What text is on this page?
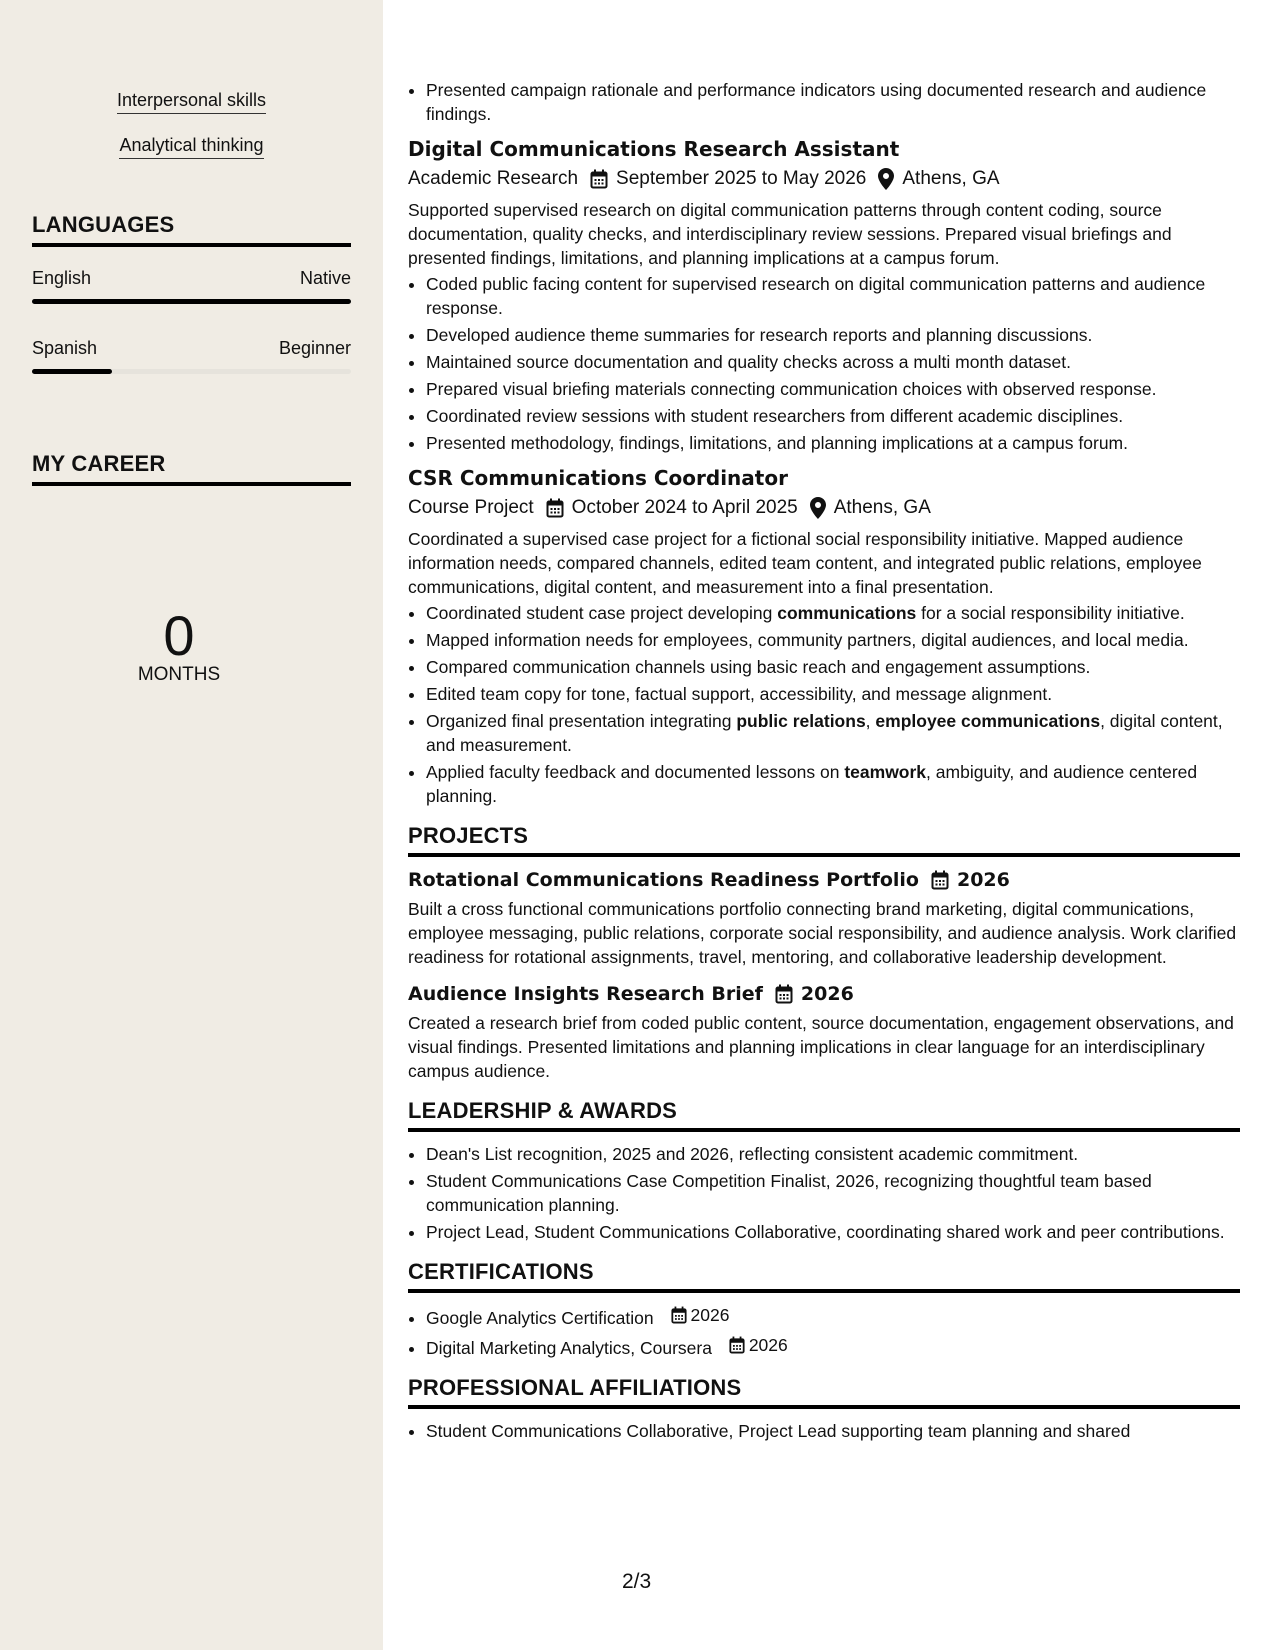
Interpersonal skills
Analytical thinking
LANGUAGES
English	Native
Spanish	Beginner
MY CAREER
0
MONTHS
• Presented campaign rationale and performance indicators using documented research and audience findings.
Digital Communications Research Assistant
Academic Research September 2025 to May 2026 Athens, GA
Supported supervised research on digital communication patterns through content coding, source documentation, quality checks, and interdisciplinary review sessions. Prepared visual briefings and presented findings, limitations, and planning implications at a campus forum.
• Coded public facing content for supervised research on digital communication patterns and audience response.
• Developed audience theme summaries for research reports and planning discussions.
• Maintained source documentation and quality checks across a multi month dataset.
• Prepared visual briefing materials connecting communication choices with observed response.
• Coordinated review sessions with student researchers from different academic disciplines.
• Presented methodology, findings, limitations, and planning implications at a campus forum.
CSR Communications Coordinator
Course Project October 2024 to April 2025 Athens, GA
Coordinated a supervised case project for a fictional social responsibility initiative. Mapped audience information needs, compared channels, edited team content, and integrated public relations, employee communications, digital content, and measurement into a final presentation.
• Coordinated student case project developing communications for a social responsibility initiative.
• Mapped information needs for employees, community partners, digital audiences, and local media.
• Compared communication channels using basic reach and engagement assumptions.
• Edited team copy for tone, factual support, accessibility, and message alignment.
• Organized final presentation integrating public relations, employee communications, digital content, and measurement.
• Applied faculty feedback and documented lessons on teamwork, ambiguity, and audience centered planning.
PROJECTS
Rotational Communications Readiness Portfolio 2026
Built a cross functional communications portfolio connecting brand marketing, digital communications, employee messaging, public relations, corporate social responsibility, and audience analysis. Work clarified readiness for rotational assignments, travel, mentoring, and collaborative leadership development.
Audience Insights Research Brief 2026
Created a research brief from coded public content, source documentation, engagement observations, and visual findings. Presented limitations and planning implications in clear language for an interdisciplinary campus audience.
LEADERSHIP & AWARDS
• Dean's List recognition, 2025 and 2026, reflecting consistent academic commitment.
• Student Communications Case Competition Finalist, 2026, recognizing thoughtful team based communication planning.
• Project Lead, Student Communications Collaborative, coordinating shared work and peer contributions.
CERTIFICATIONS
• Google Analytics Certification 2026
• Digital Marketing Analytics, Coursera 2026
PROFESSIONAL AFFILIATIONS
• Student Communications Collaborative, Project Lead supporting team planning and shared
2/3
